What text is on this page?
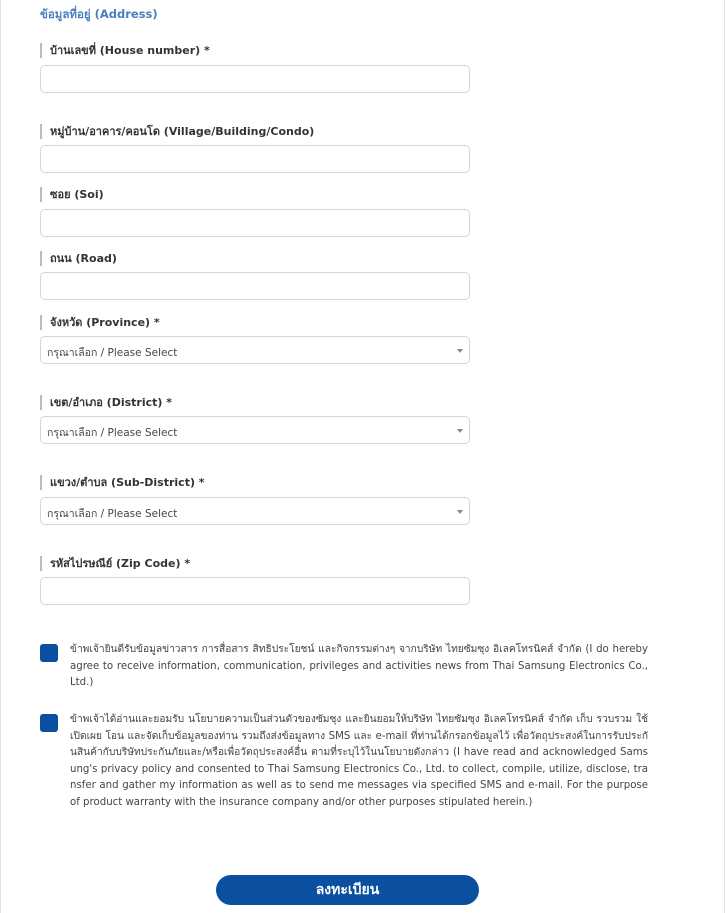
ข้อมูลที่อยู่ (Address)
บ้านเลขที่ (House number) *
หมู่บ้าน/อาคาร/คอนโด (Village/Building/Condo)
ซอย (Soi)
ถนน (Road)
จังหวัด (Province) *
กรุณาเลือก / Please Select
เขต/อำเภอ (District) *
กรุณาเลือก / Please Select
แขวง/ตำบล (Sub-District) *
กรุณาเลือก / Please Select
รหัสไปรษณีย์ (Zip Code) *
ข้าพเจ้ายินดีรับข้อมูลข่าวสาร การสื่อสาร สิทธิประโยชน์ และกิจกรรมต่างๆ จากบริษัท ไทยซัมซุง อิเลคโทรนิคส์ จำกัด (I do hereby agree to receive information, communication, privileges and activities news from Thai Samsung Electronics Co., Ltd.)
ข้าพเจ้าได้อ่านและยอมรับ นโยบายความเป็นส่วนตัวของซัมซุง และยินยอมให้บริษัท ไทยซัมซุง อิเลคโทรนิคส์ จำกัด เก็บ รวบรวม ใช้ เปิดเผย โอน และจัดเก็บข้อมูลของท่าน รวมถึงส่งข้อมูลทาง SMS และ e-mail ที่ท่านได้กรอกข้อมูลไว้ เพื่อวัตถุประสงค์ในการรับประกันสินค้ากับบริษัทประกันภัยและ/หรือเพื่อวัตถุประสงค์อื่น ตามที่ระบุไว้ในนโยบายดังกล่าว (I have read and acknowledged Samsung's privacy policy and consented to Thai Samsung Electronics Co., Ltd. to collect, compile, utilize, disclose, transfer and gather my information as well as to send me messages via specified SMS and e-mail. For the purpose of product warranty with the insurance company and/or other purposes stipulated herein.)
ลงทะเบียน
